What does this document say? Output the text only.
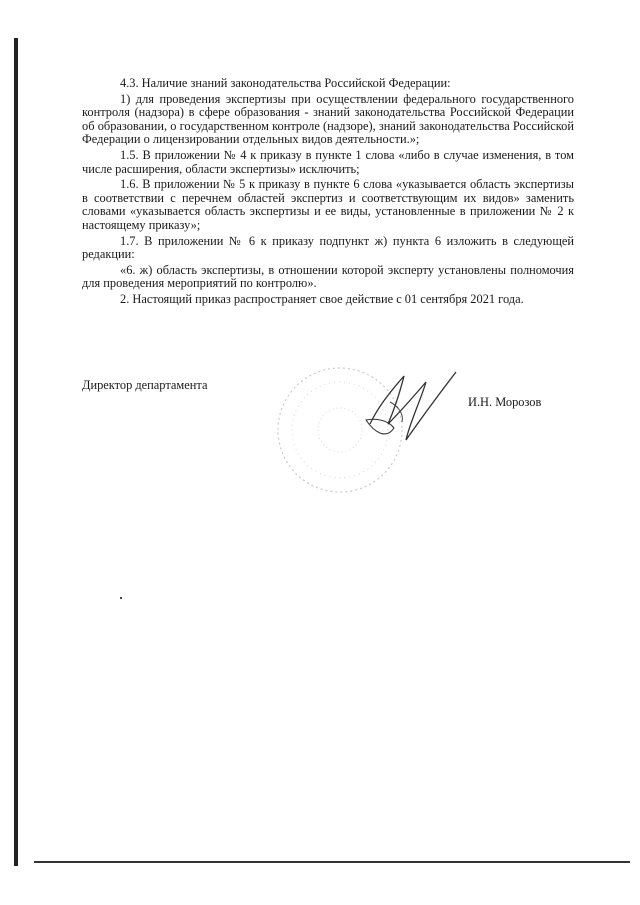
4.3. Наличие знаний законодательства Российской Федерации:

1) для проведения экспертизы при осуществлении федерального государственного контроля (надзора) в сфере образования - знаний законодательства Российской Федерации об образовании, о государственном контроле (надзоре), знаний законодательства Российской Федерации о лицензировании отдельных видов деятельности.»;

1.5. В приложении № 4 к приказу в пункте 1 слова «либо в случае изменения, в том числе расширения, области экспертизы» исключить;

1.6. В приложении № 5 к приказу в пункте 6 слова «указывается область экспертизы в соответствии с перечнем областей экспертиз и соответствующим их видов» заменить словами «указывается область экспертизы и ее виды, установленные в приложении № 2 к настоящему приказу»;

1.7. В приложении № 6 к приказу подпункт ж) пункта 6 изложить в следующей редакции:

«6. ж) область экспертизы, в отношении которой эксперту установлены полномочия для проведения мероприятий по контролю».

2. Настоящий приказ распространяет свое действие с 01 сентября 2021 года.

Директор департамента
И.Н. Морозов
